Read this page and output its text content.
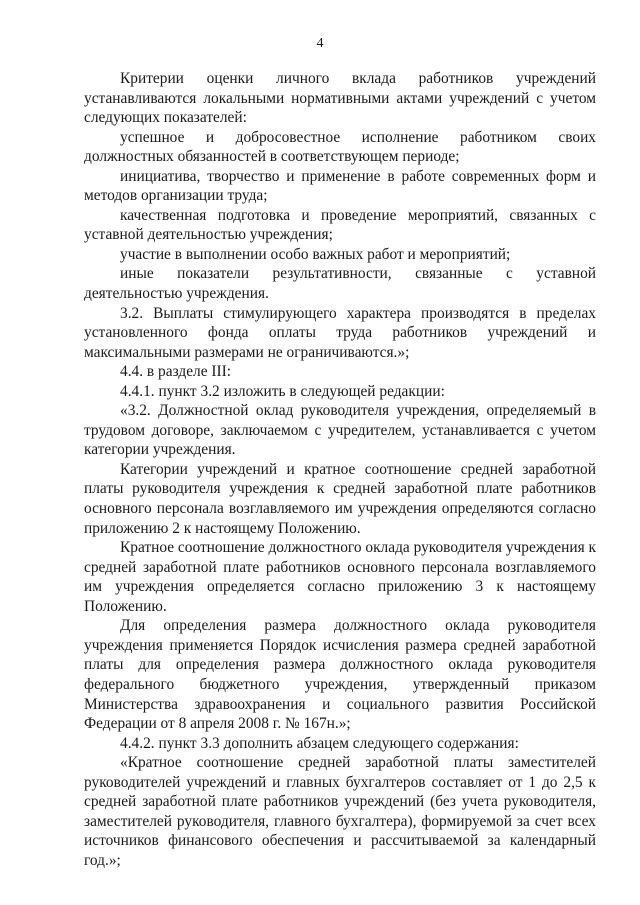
4

Критерии оценки личного вклада работников учреждений устанавливаются локальными нормативными актами учреждений с учетом следующих показателей:

успешное и добросовестное исполнение работником своих должностных обязанностей в соответствующем периоде;

инициатива, творчество и применение в работе современных форм и методов организации труда;

качественная подготовка и проведение мероприятий, связанных с уставной деятельностью учреждения;

участие в выполнении особо важных работ и мероприятий;

иные показатели результативности, связанные с уставной деятельностью учреждения.

3.2. Выплаты стимулирующего характера производятся в пределах установленного фонда оплаты труда работников учреждений и максимальными размерами не ограничиваются.»;

4.4. в разделе III:

4.4.1. пункт 3.2 изложить в следующей редакции:

«3.2. Должностной оклад руководителя учреждения, определяемый в трудовом договоре, заключаемом с учредителем, устанавливается с учетом категории учреждения.

Категории учреждений и кратное соотношение средней заработной платы руководителя учреждения к средней заработной плате работников основного персонала возглавляемого им учреждения определяются согласно приложению 2 к настоящему Положению.

Кратное соотношение должностного оклада руководителя учреждения к средней заработной плате работников основного персонала возглавляемого им учреждения определяется согласно приложению 3 к настоящему Положению.

Для определения размера должностного оклада руководителя учреждения применяется Порядок исчисления размера средней заработной платы для определения размера должностного оклада руководителя федерального бюджетного учреждения, утвержденный приказом Министерства здравоохранения и социального развития Российской Федерации от 8 апреля 2008 г. № 167н.»;

4.4.2. пункт 3.3 дополнить абзацем следующего содержания:

«Кратное соотношение средней заработной платы заместителей руководителей учреждений и главных бухгалтеров составляет от 1 до 2,5 к средней заработной плате работников учреждений (без учета руководителя, заместителей руководителя, главного бухгалтера), формируемой за счет всех источников финансового обеспечения и рассчитываемой за календарный год.»;
